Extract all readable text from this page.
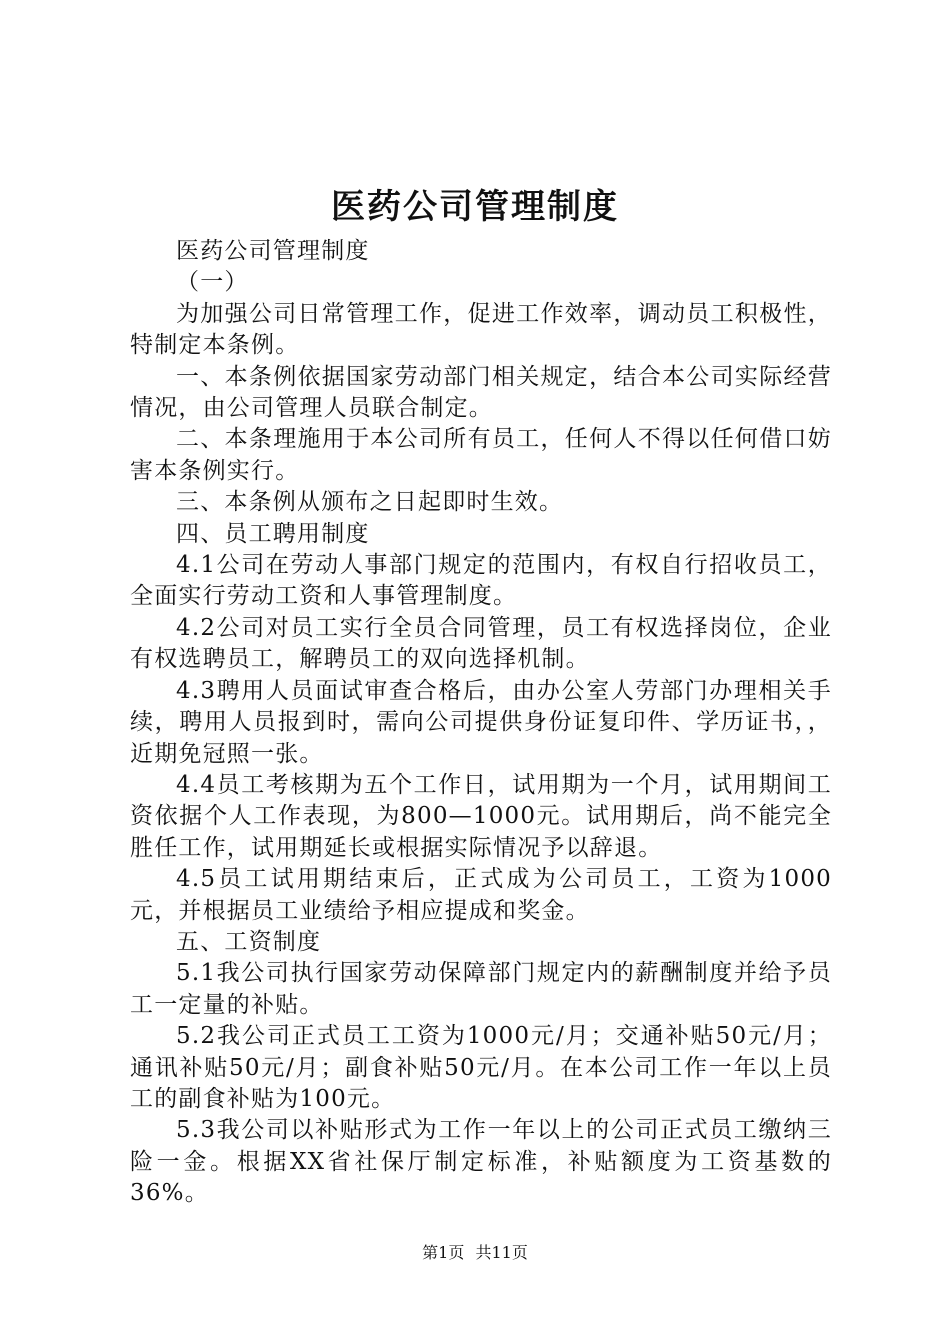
医药公司管理制度

医药公司管理制度

（一）

为加强公司日常管理工作，促进工作效率，调动员工积极性，特制定本条例。

一、本条例依据国家劳动部门相关规定，结合本公司实际经营情况，由公司管理人员联合制定。

二、本条理施用于本公司所有员工，任何人不得以任何借口妨害本条例实行。

三、本条例从颁布之日起即时生效。

四、员工聘用制度

4.1公司在劳动人事部门规定的范围内，有权自行招收员工，全面实行劳动工资和人事管理制度。

4.2公司对员工实行全员合同管理，员工有权选择岗位，企业有权选聘员工，解聘员工的双向选择机制。

4.3聘用人员面试审查合格后，由办公室人劳部门办理相关手续，聘用人员报到时，需向公司提供身份证复印件、学历证书，，近期免冠照一张。

4.4员工考核期为五个工作日，试用期为一个月，试用期间工资依据个人工作表现，为800—1000元。试用期后，尚不能完全胜任工作，试用期延长或根据实际情况予以辞退。

4.5员工试用期结束后，正式成为公司员工，工资为1000元，并根据员工业绩给予相应提成和奖金。

五、工资制度

5.1我公司执行国家劳动保障部门规定内的薪酬制度并给予员工一定量的补贴。

5.2我公司正式员工工资为1000元/月；交通补贴50元/月；通讯补贴50元/月；副食补贴50元/月。在本公司工作一年以上员工的副食补贴为100元。

5.3我公司以补贴形式为工作一年以上的公司正式员工缴纳三险一金。根据XX省社保厅制定标准，补贴额度为工资基数的36%。

第1页 共11页
